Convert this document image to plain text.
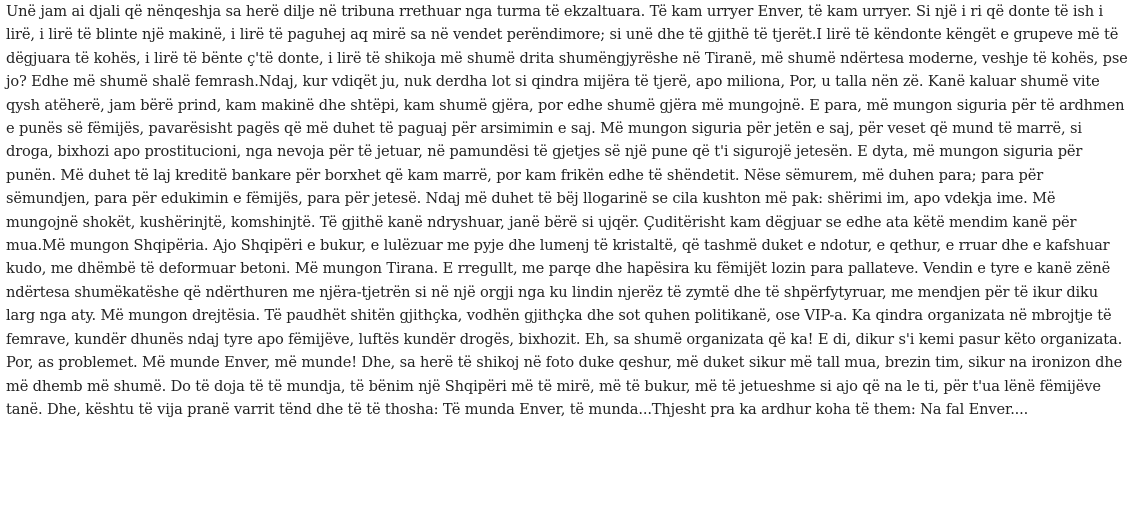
Unë jam ai djali që nënqeshja sa herë dilje në tribuna rrethuar nga turma të ekzaltuara. Të kam urryer Enver, të kam urryer. Si një i ri që donte të ish i lirë, i lirë të blinte një makinë, i lirë të paguhej aq mirë sa në vendet perëndimore; si unë dhe të gjithë të tjerët.I lirë të këndonte këngët e grupeve më të dëgjuara të kohës, i lirë të bënte ç'të donte, i lirë të shikoja më shumë drita shumëngjyrëshe në Tiranë, më shumë ndërtesa moderne, veshje të kohës, pse jo? Edhe më shumë shalë femrash.Ndaj, kur vdiqët ju, nuk derdha lot si qindra mijëra të tjerë, apo miliona, Por, u talla nën zë. Kanë kaluar shumë vite qysh atëherë, jam bërë prind, kam makinë dhe shtëpi, kam shumë gjëra, por edhe shumë gjëra më mungojnë. E para, më mungon siguria për të ardhmen e punës së fëmijës, pavarësisht pagës që më duhet të paguaj për arsimimin e saj. Më mungon siguria për jetën e saj, për veset që mund të marrë, si droga, bixhozi apo prostitucioni, nga nevoja për të jetuar, në pamundësi të gjetjes së një pune që t'i sigurojë jetesën. E dyta, më mungon siguria për punën. Më duhet të laj kreditë bankare për borxhet që kam marrë, por kam frikën edhe të shëndetit. Nëse sëmurem, më duhen para; para për sëmundjen, para për edukimin e fëmijës, para për jetesë. Ndaj më duhet të bëj llogarinë se cila kushton më pak: shërimi im, apo vdekja ime. Më mungojnë shokët, kushërinjtë, komshinjtë. Të gjithë kanë ndryshuar, janë bërë si ujqër. Çuditërisht kam dëgjuar se edhe ata këtë mendim kanë për mua.Më mungon Shqipëria. Ajo Shqipëri e bukur, e lulëzuar me pyje dhe lumenj të kristaltë, që tashmë duket e ndotur, e qethur, e rruar dhe e kafshuar kudo, me dhëmbë të deformuar betoni. Më mungon Tirana. E rregullt, me parqe dhe hapësira ku fëmijët lozin para pallateve. Vendin e tyre e kanë zënë ndërtesa shumëkatëshe që ndërthuren me njëra-tjetrën si në një orgji nga ku lindin njerëz të zymtë dhe të shpërfytyruar, me mendjen për të ikur diku larg nga aty. Më mungon drejtësia. Të paudhët shitën gjithçka, vodhën gjithçka dhe sot quhen politikanë, ose VIP-a. Ka qindra organizata në mbrojtje të femrave, kundër dhunës ndaj tyre apo fëmijëve, luftës kundër drogës, bixhozit. Eh, sa shumë organizata që ka! E di, dikur s'i kemi pasur këto organizata. Por, as problemet. Më munde Enver, më munde! Dhe, sa herë të shikoj në foto duke qeshur, më duket sikur më tall mua, brezin tim, sikur na ironizon dhe më dhemb më shumë. Do të doja të të mundja, të bënim një Shqipëri më të mirë, më të bukur, më të jetueshme si ajo që na le ti, për t'ua lënë fëmijëve tanë. Dhe, kështu të vija pranë varrit tënd dhe të të thosha: Të munda Enver, të munda...Thjesht pra ka ardhur koha të them: Na fal Enver....
